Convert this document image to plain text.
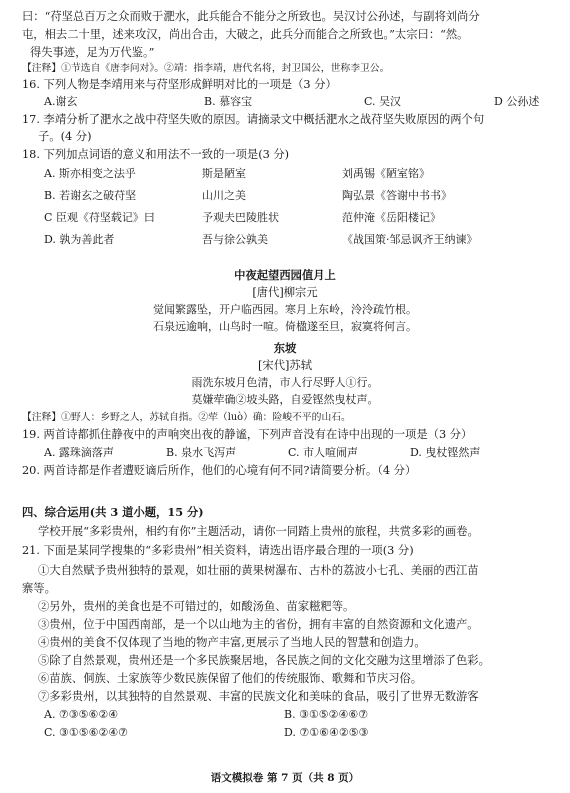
曰：“苻坚总百万之众而败于淝水，此兵能合不能分之所致也。吴汉讨公孙述，与副将刘尚分
屯，相去二十里，述来攻汉，尚出合击，大破之，此兵分而能合之所致也。”太宗曰：“然。
得失事迹，足为万代鉴。”
【注释】①节选自《唐李问对》。②靖：指李靖，唐代名将，封卫国公，世称李卫公。
16. 下列人物是李靖用来与苻坚形成鲜明对比的一项是（3 分）
A.谢玄	B. 慕容宝	C. 吴汉	D 公孙述
17. 李靖分析了淝水之战中苻坚失败的原因。请摘录文中概括淝水之战苻坚失败原因的两个句
子。(4 分)
18. 下列加点词语的意义和用法不一致的一项是(3 分)
A. 斯亦相变之法乎	斯是陋室	刘禹锡《陋室铭》
B. 若谢玄之破苻坚	山川之美	陶弘景《答谢中书书》
C 臣观《苻坚载记》曰	予观夫巴陵胜状	范仲淹《岳阳楼记》
D. 孰为善此者	吾与徐公孰美	《战国策·邹忌讽齐王纳谏》
中夜起望西园值月上
[唐代]柳宗元
觉闻繁露坠，开户临西园。寒月上东岭，泠泠疏竹根。
石泉远逾响，山鸟时一喧。倚楹遂至旦，寂寞将何言。
东坡
[宋代]苏轼
雨洗东坡月色清，市人行尽野人①行。
莫嫌荦确②坡头路，自爱铿然曳杖声。
【注释】①野人：乡野之人，苏轼自指。②荦（luò）确：险峻不平的山石。
19. 两首诗都抓住静夜中的声响突出夜的静谧，下列声音没有在诗中出现的一项是（3 分）
A. 露珠滴落声	B. 泉水飞泻声	C. 市人喧闹声	D. 曳杖铿然声
20. 两首诗都是作者遭贬谪后所作，他们的心境有何不同?请简要分析。（4 分）
四、综合运用(共 3 道小题，15 分)
学校开展“多彩贵州，相约有你”主题活动，请你一同踏上贵州的旅程，共赏多彩的画卷。
21. 下面是某同学搜集的“多彩贵州”相关资料，请选出语序最合理的一项(3 分)
①大自然赋予贵州独特的景观，如壮丽的黄果树瀑布、古朴的荔波小七孔、美丽的西江苗
寨等。
②另外，贵州的美食也是不可错过的，如酸汤鱼、苗家糍粑等。
③贵州，位于中国西南部，是一个以山地为主的省份，拥有丰富的自然资源和文化遗产。
④贵州的美食不仅体现了当地的物产丰富,更展示了当地人民的智慧和创造力。
⑤除了自然景观，贵州还是一个多民族聚居地，各民族之间的文化交融为这里增添了色彩。
⑥苗族、侗族、土家族等少数民族保留了他们的传统服饰、歌舞和节庆习俗。
⑦多彩贵州，以其独特的自然景观、丰富的民族文化和美味的食品，吸引了世界无数游客
A. ⑦③⑤⑥②④	B. ③①⑤②④⑥⑦
C. ③①⑤⑥②④⑦	D. ⑦①⑥④②⑤③
语文模拟卷 第 7 页（共 8 页）
